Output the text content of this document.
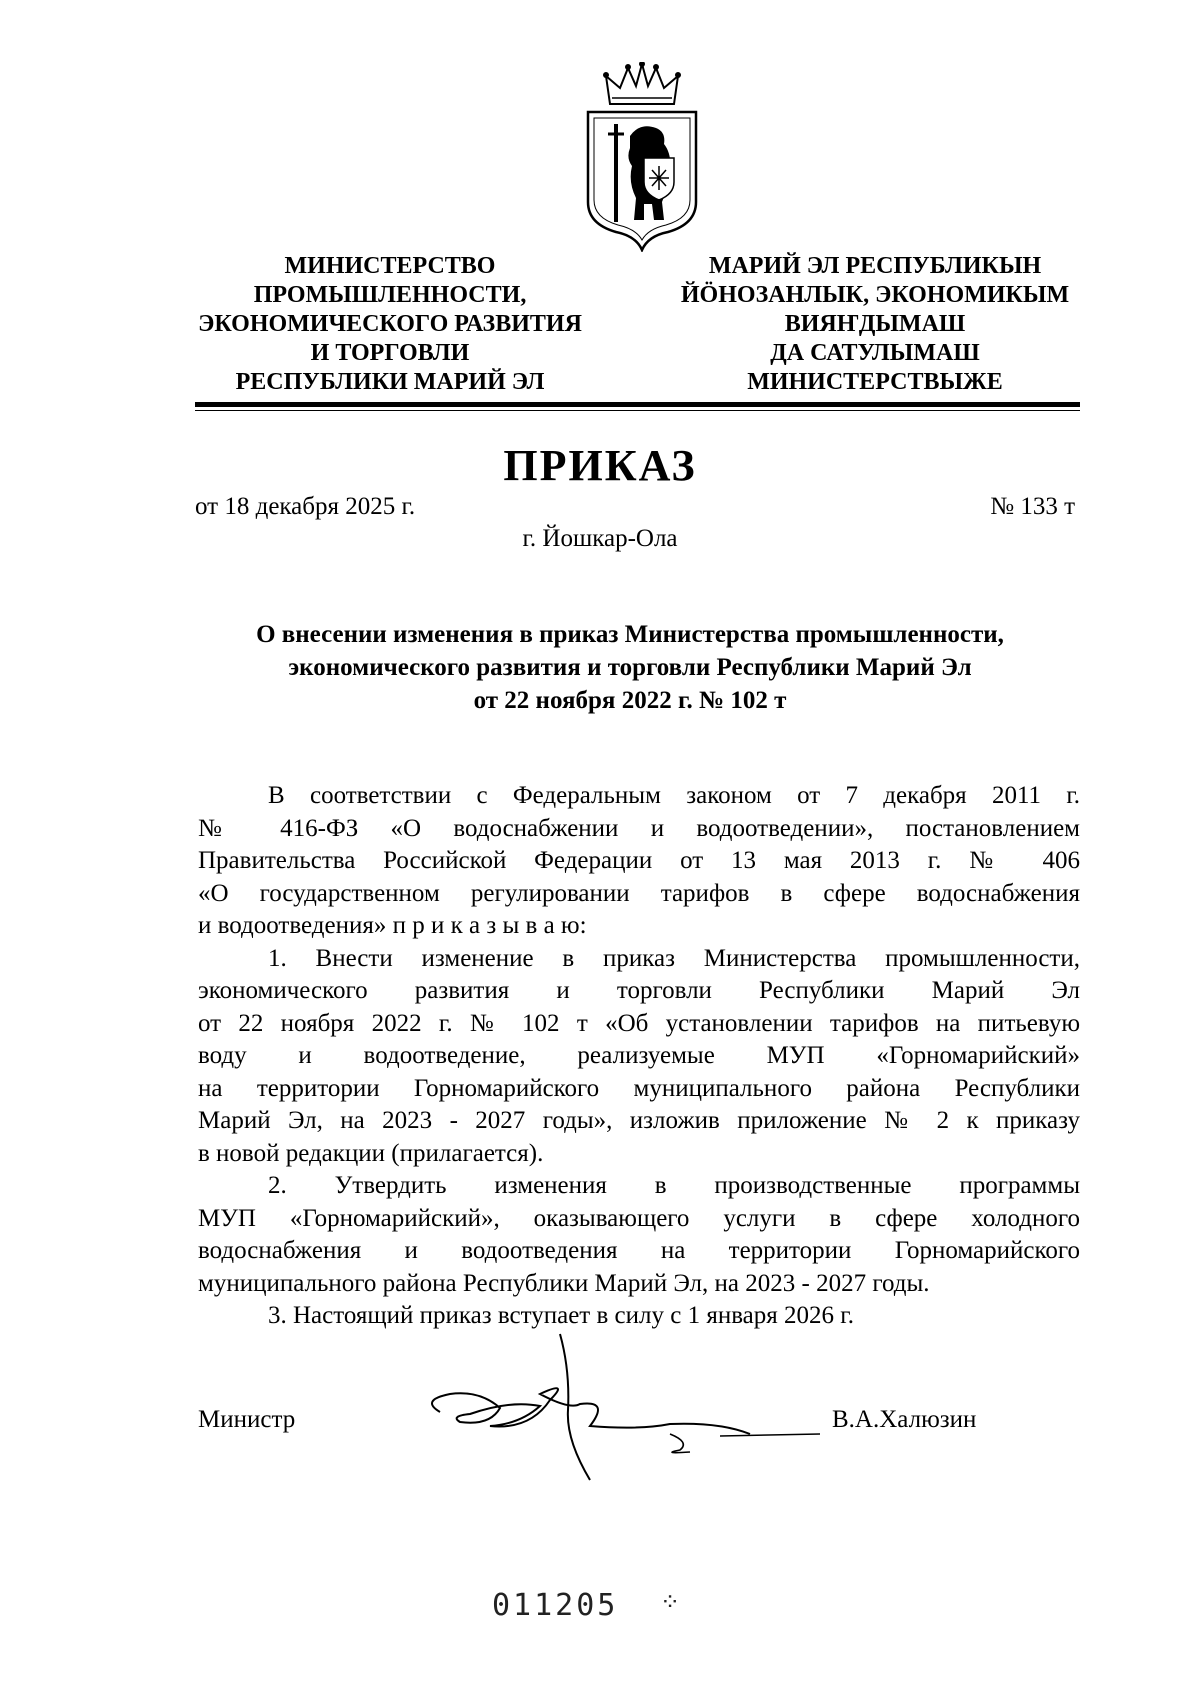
МИНИСТЕРСТВО
ПРОМЫШЛЕННОСТИ,
ЭКОНОМИЧЕСКОГО РАЗВИТИЯ
И ТОРГОВЛИ
РЕСПУБЛИКИ МАРИЙ ЭЛ
МАРИЙ ЭЛ РЕСПУБЛИКЫН
ЙӦНОЗАНЛЫК, ЭКОНОМИКЫМ
ВИЯҤДЫМАШ
ДА САТУЛЫМАШ
МИНИСТЕРСТВЫЖЕ
ПРИКАЗ
от 18 декабря 2025 г.	№ 133 т
г. Йошкар-Ола
О внесении изменения в приказ Министерства промышленности,
экономического развития и торговли Республики Марий Эл
от 22 ноября 2022 г. № 102 т
В соответствии с Федеральным законом от 7 декабря 2011 г.
№ 416-ФЗ «О водоснабжении и водоотведении», постановлением
Правительства Российской Федерации от 13 мая 2013 г. № 406
«О государственном регулировании тарифов в сфере водоснабжения
и водоотведения» п р и к а з ы в а ю:
1. Внести изменение в приказ Министерства промышленности,
экономического развития и торговли Республики Марий Эл
от 22 ноября 2022 г. № 102 т «Об установлении тарифов на питьевую
воду и водоотведение, реализуемые МУП «Горномарийский»
на территории Горномарийского муниципального района Республики
Марий Эл, на 2023 - 2027 годы», изложив приложение № 2 к приказу
в новой редакции (прилагается).
2. Утвердить изменения в производственные программы
МУП «Горномарийский», оказывающего услуги в сфере холодного
водоснабжения и водоотведения на территории Горномарийского
муниципального района Республики Марий Эл, на 2023 - 2027 годы.
3. Настоящий приказ вступает в силу с 1 января 2026 г.
Министр	В.А.Халюзин
011205 ⁘
